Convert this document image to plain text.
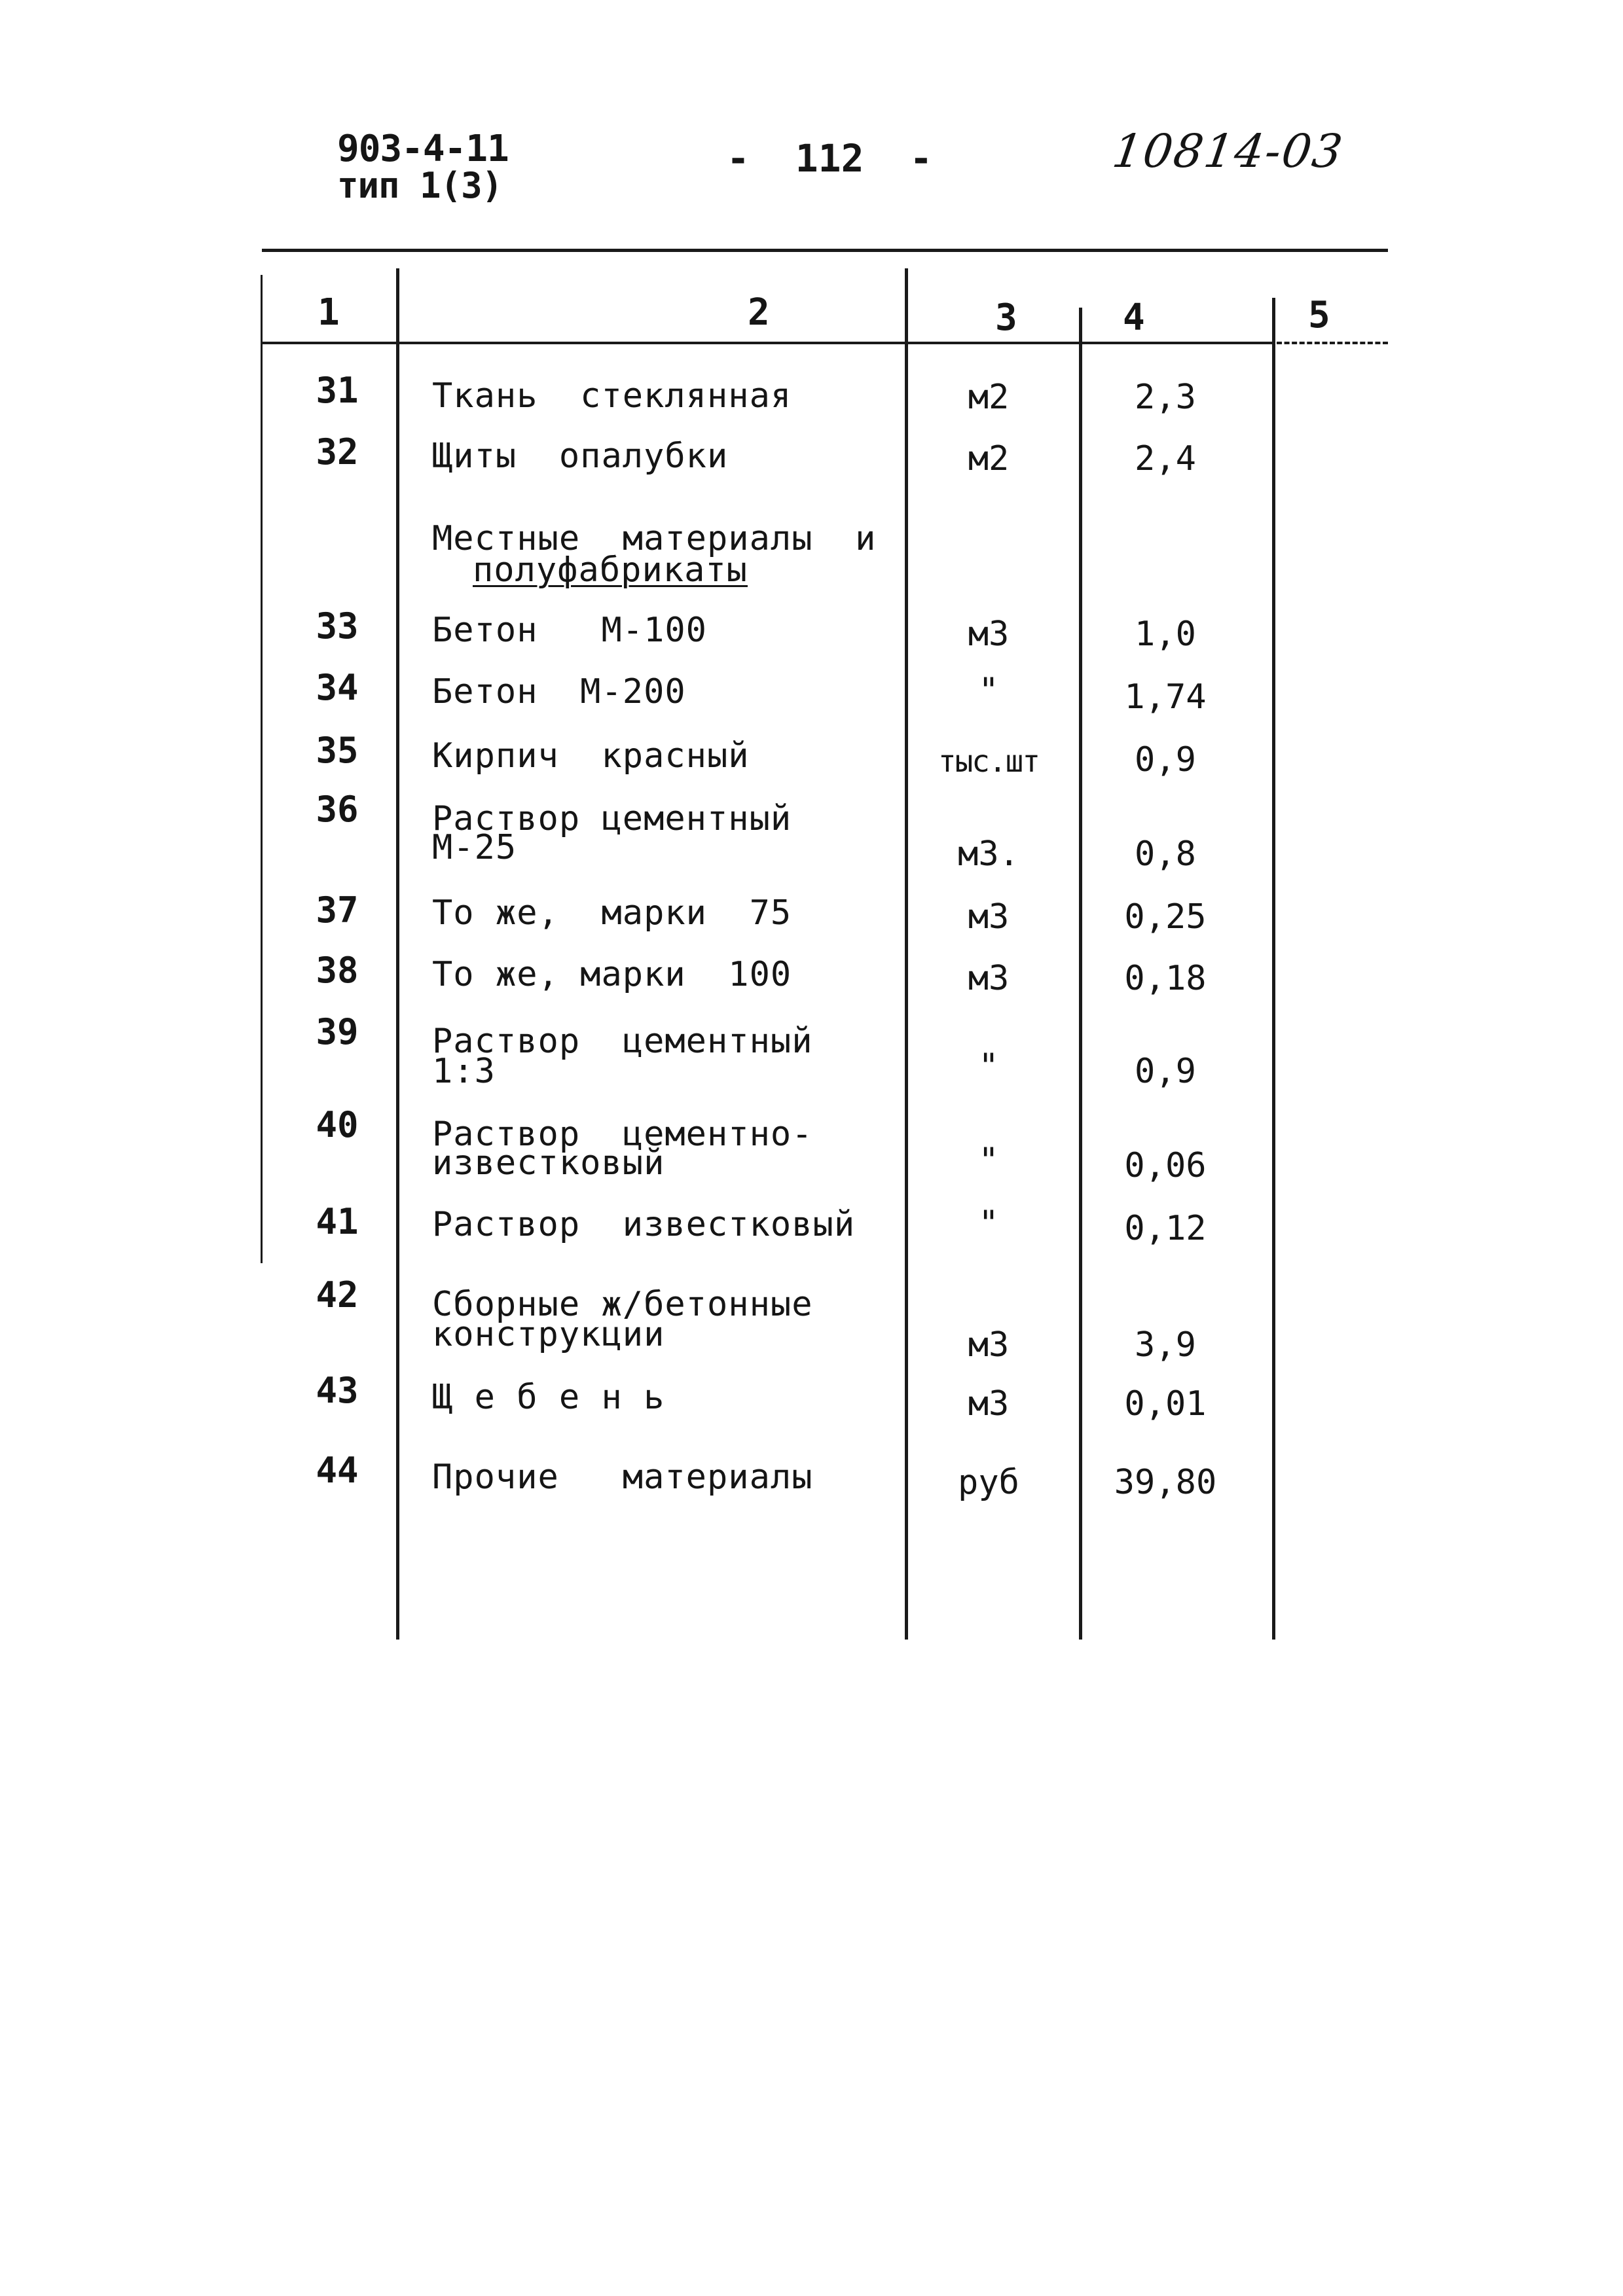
903-4-11
тип 1(3)
-  112  -	10814-03
1	2	3	4	5
31	Ткань  стеклянная	м2	2,3
32	Щиты  опалубки	м2	2,4
Местные  материалы  и
полуфабрикаты
33	Бетон   М-100	м3	1,0
34	Бетон  М-200	"	1,74
35	Кирпич  красный	тыс.шт	0,9
36	Раствор цементный
М-25	м3.	0,8
37	То же,  марки  75	м3	0,25
38	То же, марки  100	м3	0,18
39	Раствор  цементный
1:3	"	0,9
40	Раствор  цементно-
известковый	"	0,06
41	Раствор  известковый	"	0,12
42	Сборные ж/бетонные
конструкции	м3	3,9
43	Щ е б е н ь	м3	0,01
44	Прочие   материалы	руб	39,80
